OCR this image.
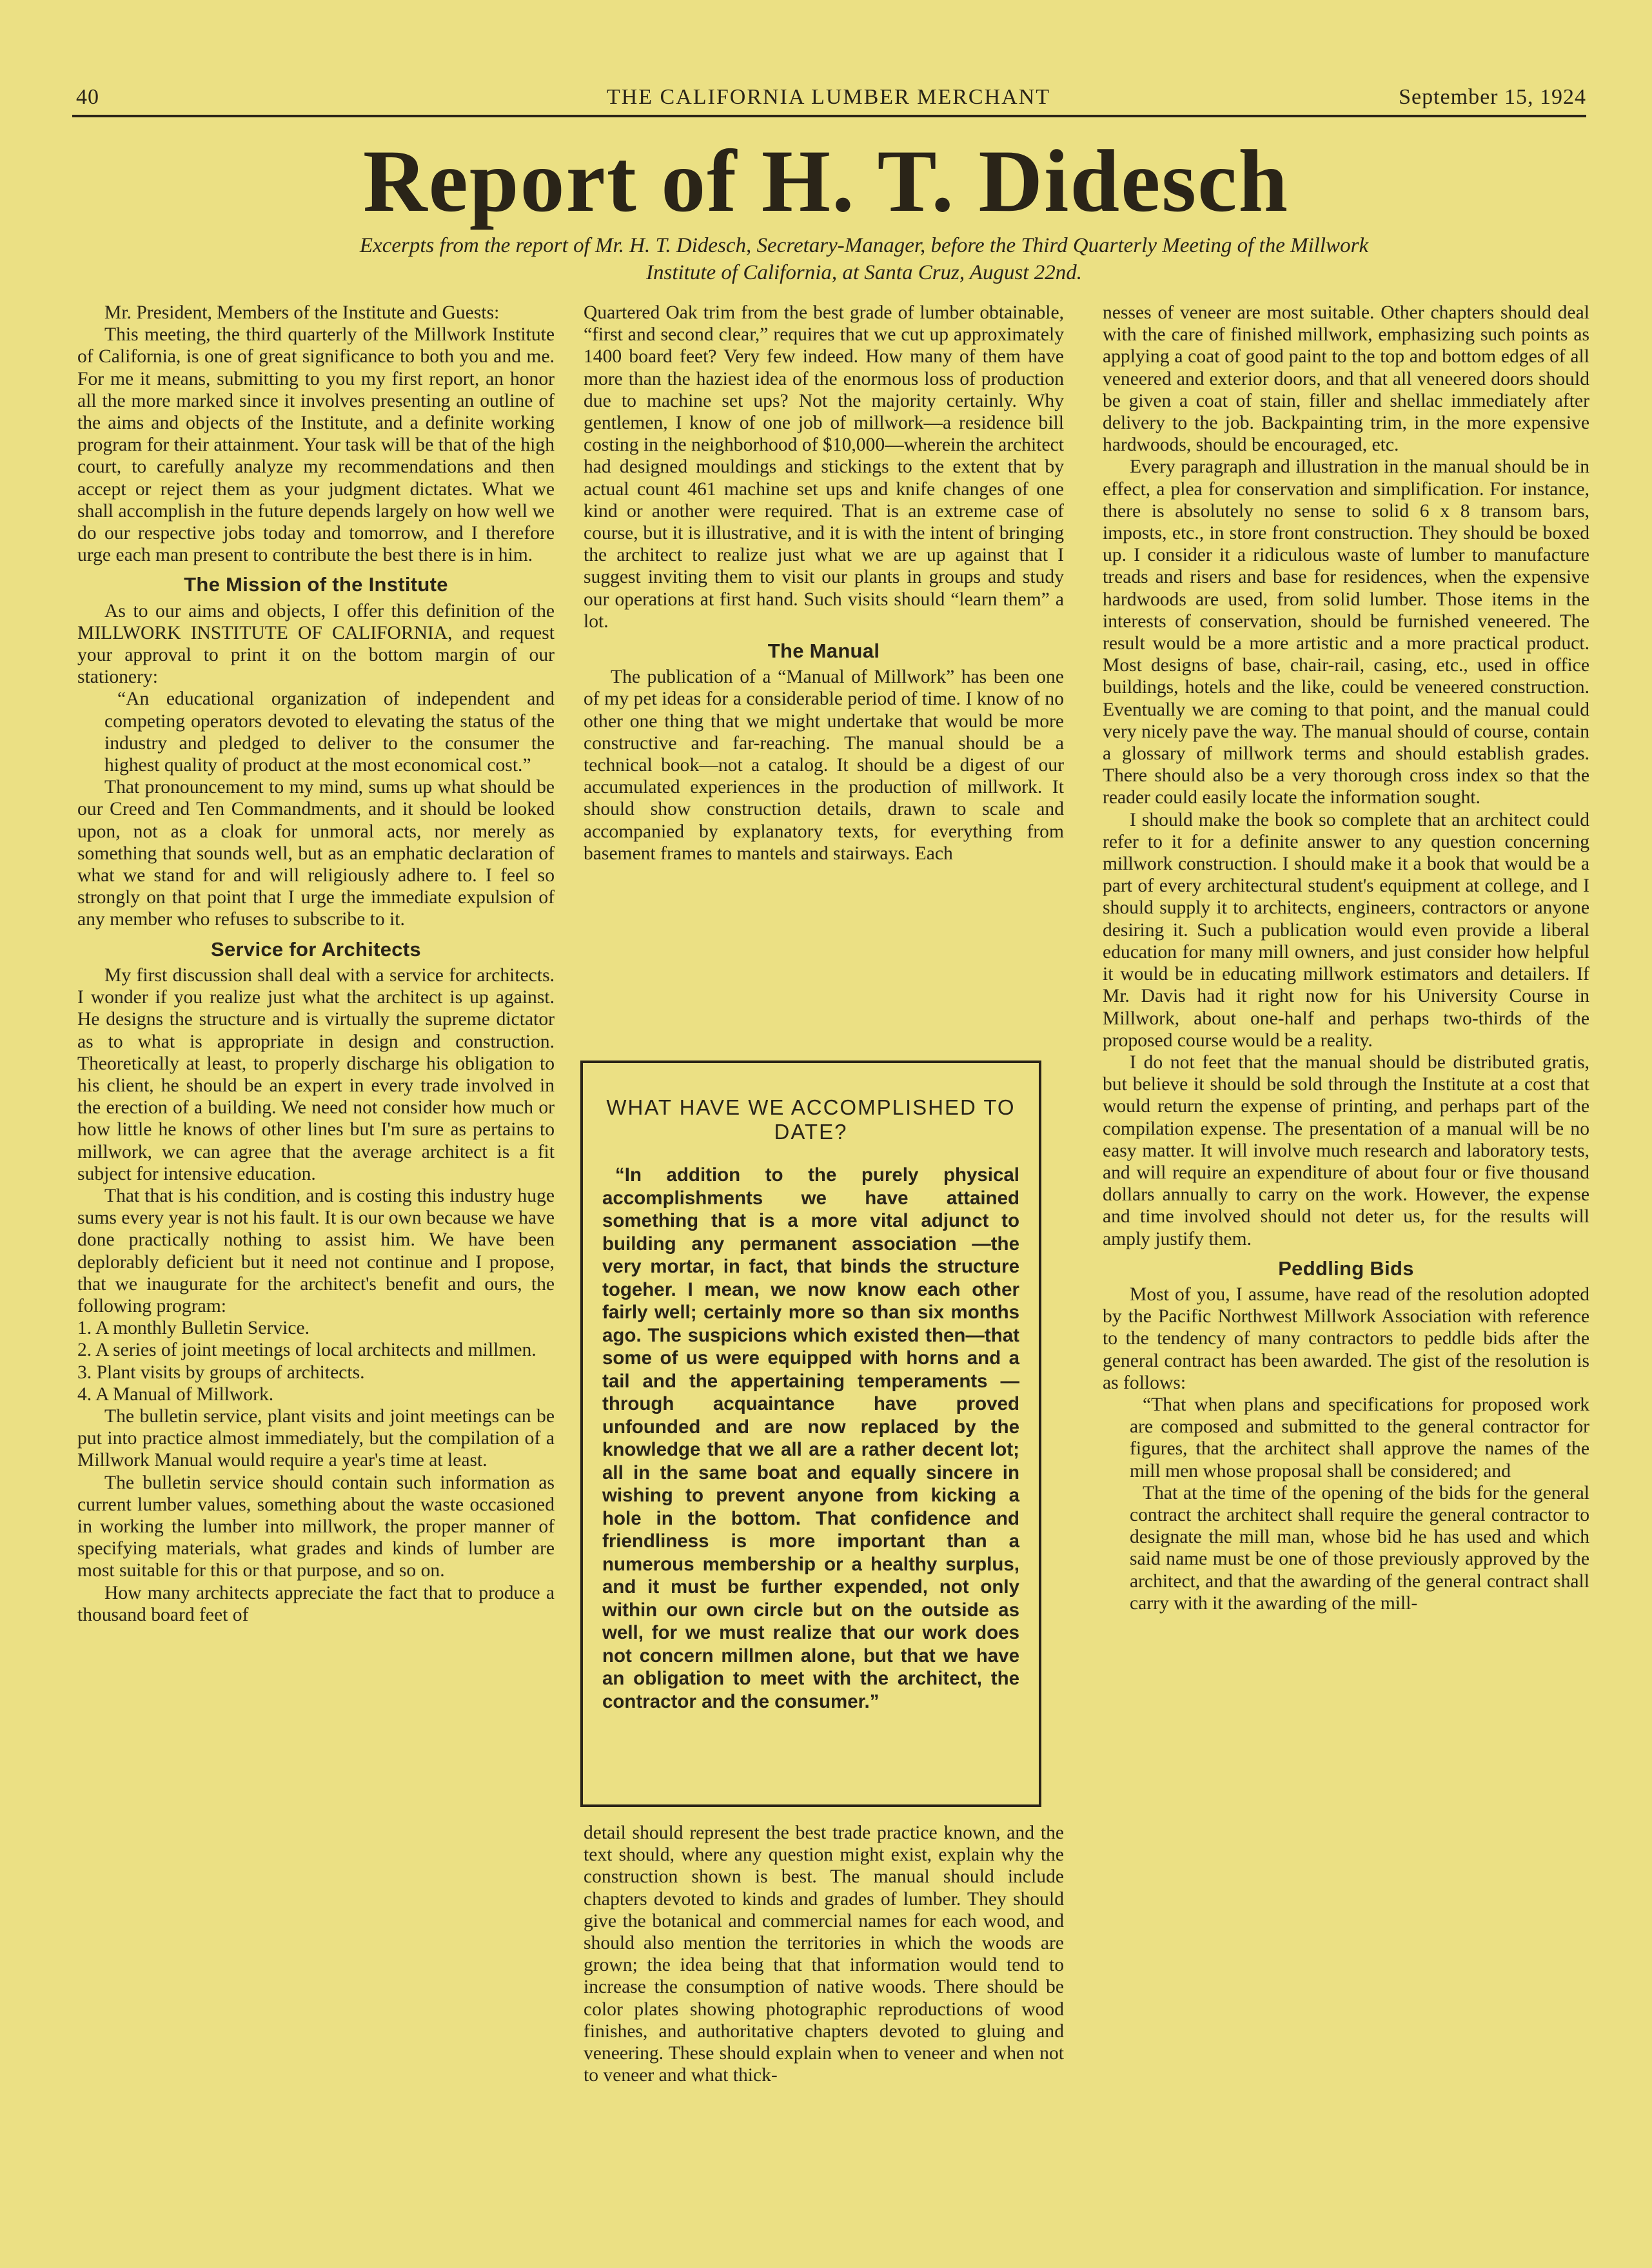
40	THE CALIFORNIA LUMBER MERCHANT	September 15, 1924
Report of H. T. Didesch
Excerpts from the report of Mr. H. T. Didesch, Secretary-Manager, before the Third Quarterly Meeting of the Millwork Institute of California, at Santa Cruz, August 22nd.

Mr. President, Members of the Institute and Guests:

This meeting, the third quarterly of the Millwork Institute of California, is one of great significance to both you and me. For me it means, submitting to you my first report, an honor all the more marked since it involves presenting an outline of the aims and objects of the Institute, and a definite working program for their attainment. Your task will be that of the high court, to carefully analyze my recommendations and then accept or reject them as your judgment dictates. What we shall accomplish in the future depends largely on how well we do our respective jobs today and tomorrow, and I therefore urge each man present to contribute the best there is in him.

The Mission of the Institute

As to our aims and objects, I offer this definition of the MILLWORK INSTITUTE OF CALIFORNIA, and request your approval to print it on the bottom margin of our stationery:

“An educational organization of independent and competing operators devoted to elevating the status of the industry and pledged to deliver to the consumer the highest quality of product at the most economical cost.”

That pronouncement to my mind, sums up what should be our Creed and Ten Commandments, and it should be looked upon, not as a cloak for unmoral acts, nor merely as something that sounds well, but as an emphatic declaration of what we stand for and will religiously adhere to. I feel so strongly on that point that I urge the immediate expulsion of any member who refuses to subscribe to it.

Service for Architects

My first discussion shall deal with a service for architects. I wonder if you realize just what the architect is up against. He designs the structure and is virtually the supreme dictator as to what is appropriate in design and construction. Theoretically at least, to properly discharge his obligation to his client, he should be an expert in every trade involved in the erection of a building. We need not consider how much or how little he knows of other lines but I'm sure as pertains to millwork, we can agree that the average architect is a fit subject for intensive education.

That that is his condition, and is costing this industry huge sums every year is not his fault. It is our own because we have done practically nothing to assist him. We have been deplorably deficient but it need not continue and I propose, that we inaugurate for the architect's benefit and ours, the following program:

1. A monthly Bulletin Service.

2. A series of joint meetings of local architects and millmen.

3. Plant visits by groups of architects.

4. A Manual of Millwork.

The bulletin service, plant visits and joint meetings can be put into practice almost immediately, but the compilation of a Millwork Manual would require a year's time at least.

The bulletin service should contain such information as current lumber values, something about the waste occasioned in working the lumber into millwork, the proper manner of specifying materials, what grades and kinds of lumber are most suitable for this or that purpose, and so on.

How many architects appreciate the fact that to produce a thousand board feet of

Quartered Oak trim from the best grade of lumber obtainable, “first and second clear,” requires that we cut up approximately 1400 board feet? Very few indeed. How many of them have more than the haziest idea of the enormous loss of production due to machine set ups? Not the majority certainly. Why gentlemen, I know of one job of millwork—a residence bill costing in the neighborhood of $10,000—wherein the architect had designed mouldings and stickings to the extent that by actual count 461 machine set ups and knife changes of one kind or another were required. That is an extreme case of course, but it is illustrative, and it is with the intent of bringing the architect to realize just what we are up against that I suggest inviting them to visit our plants in groups and study our operations at first hand. Such visits should “learn them” a lot.

The Manual

The publication of a “Manual of Millwork” has been one of my pet ideas for a considerable period of time. I know of no other one thing that we might undertake that would be more constructive and far-reaching. The manual should be a technical book—not a catalog. It should be a digest of our accumulated experiences in the production of millwork. It should show construction details, drawn to scale and accompanied by explanatory texts, for everything from basement frames to mantels and stairways. Each

WHAT HAVE WE ACCOMPLISHED TO DATE?

“In addition to the purely physical accomplishments we have attained something that is a more vital adjunct to building any permanent association —the very mortar, in fact, that binds the structure togeher. I mean, we now know each other fairly well; certainly more so than six months ago. The suspicions which existed then—that some of us were equipped with horns and a tail and the appertaining temperaments — through acquaintance have proved unfounded and are now replaced by the knowledge that we all are a rather decent lot; all in the same boat and equally sincere in wishing to prevent anyone from kicking a hole in the bottom. That confidence and friendliness is more important than a numerous membership or a healthy surplus, and it must be further expended, not only within our own circle but on the outside as well, for we must realize that our work does not concern millmen alone, but that we have an obligation to meet with the architect, the contractor and the consumer.”

detail should represent the best trade practice known, and the text should, where any question might exist, explain why the construction shown is best. The manual should include chapters devoted to kinds and grades of lumber. They should give the botanical and commercial names for each wood, and should also mention the territories in which the woods are grown; the idea being that that information would tend to increase the consumption of native woods. There should be color plates showing photographic reproductions of wood finishes, and authoritative chapters devoted to gluing and veneering. These should explain when to veneer and when not to veneer and what thick-

nesses of veneer are most suitable. Other chapters should deal with the care of finished millwork, emphasizing such points as applying a coat of good paint to the top and bottom edges of all veneered and exterior doors, and that all veneered doors should be given a coat of stain, filler and shellac immediately after delivery to the job. Backpainting trim, in the more expensive hardwoods, should be encouraged, etc.

Every paragraph and illustration in the manual should be in effect, a plea for conservation and simplification. For instance, there is absolutely no sense to solid 6 x 8 transom bars, imposts, etc., in store front construction. They should be boxed up. I consider it a ridiculous waste of lumber to manufacture treads and risers and base for residences, when the expensive hardwoods are used, from solid lumber. Those items in the interests of conservation, should be furnished veneered. The result would be a more artistic and a more practical product. Most designs of base, chair-rail, casing, etc., used in office buildings, hotels and the like, could be veneered construction. Eventually we are coming to that point, and the manual could very nicely pave the way. The manual should of course, contain a glossary of millwork terms and should establish grades. There should also be a very thorough cross index so that the reader could easily locate the information sought.

I should make the book so complete that an architect could refer to it for a definite answer to any question concerning millwork construction. I should make it a book that would be a part of every architectural student's equipment at college, and I should supply it to architects, engineers, contractors or anyone desiring it. Such a publication would even provide a liberal education for many mill owners, and just consider how helpful it would be in educating millwork estimators and detailers. If Mr. Davis had it right now for his University Course in Millwork, about one-half and perhaps two-thirds of the proposed course would be a reality.

I do not feet that the manual should be distributed gratis, but believe it should be sold through the Institute at a cost that would return the expense of printing, and perhaps part of the compilation expense. The presentation of a manual will be no easy matter. It will involve much research and laboratory tests, and will require an expenditure of about four or five thousand dollars annually to carry on the work. However, the expense and time involved should not deter us, for the results will amply justify them.

Peddling Bids

Most of you, I assume, have read of the resolution adopted by the Pacific Northwest Millwork Association with reference to the tendency of many contractors to peddle bids after the general contract has been awarded. The gist of the resolution is as follows:

“That when plans and specifications for proposed work are composed and submitted to the general contractor for figures, that the architect shall approve the names of the mill men whose proposal shall be considered; and

That at the time of the opening of the bids for the general contract the architect shall require the general contractor to designate the mill man, whose bid he has used and which said name must be one of those previously approved by the architect, and that the awarding of the general contract shall carry with it the awarding of the mill-
